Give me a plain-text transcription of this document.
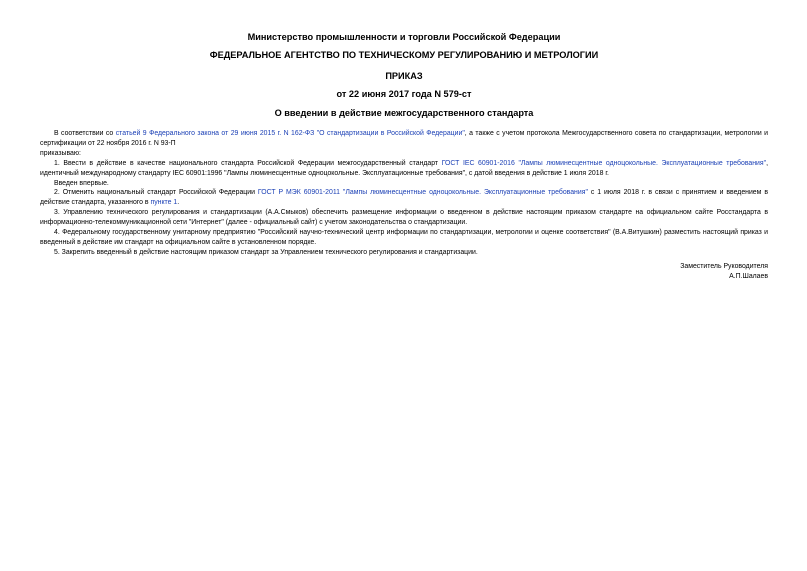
Министерство промышленности и торговли Российской Федерации
ФЕДЕРАЛЬНОЕ АГЕНТСТВО ПО ТЕХНИЧЕСКОМУ РЕГУЛИРОВАНИЮ И МЕТРОЛОГИИ
ПРИКАЗ
от 22 июня 2017 года N 579-ст
О введении в действие межгосударственного стандарта

В соответствии со статьей 9 Федерального закона от 29 июня 2015 г. N 162-ФЗ "О стандартизации в Российской Федерации", а также с учетом протокола Межгосударственного совета по стандартизации, метрологии и сертификации от 22 ноября 2016 г. N 93-П

приказываю:

1. Ввести в действие в качестве национального стандарта Российской Федерации межгосударственный стандарт ГОСТ IEC 60901-2016 "Лампы люминесцентные одноцокольные. Эксплуатационные требования", идентичный международному стандарту IEC 60901:1996 "Лампы люминесцентные одноцокольные. Эксплуатационные требования", с датой введения в действие 1 июля 2018 г.

Введен впервые.

2. Отменить национальный стандарт Российской Федерации ГОСТ Р МЭК 60901-2011 "Лампы люминесцентные одноцокольные. Эксплуатационные требования" с 1 июля 2018 г. в связи с принятием и введением в действие стандарта, указанного в пункте 1.

3. Управлению технического регулирования и стандартизации (А.А.Смыков) обеспечить размещение информации о введенном в действие настоящим приказом стандарте на официальном сайте Росстандарта в информационно-телекоммуникационной сети "Интернет" (далее - официальный сайт) с учетом законодательства о стандартизации.

4. Федеральному государственному унитарному предприятию "Российский научно-технический центр информации по стандартизации, метрологии и оценке соответствия" (В.А.Витушкин) разместить настоящий приказ и введенный в действие им стандарт на официальном сайте в установленном порядке.

5. Закрепить введенный в действие настоящим приказом стандарт за Управлением технического регулирования и стандартизации.

Заместитель Руководителя
А.П.Шалаев
